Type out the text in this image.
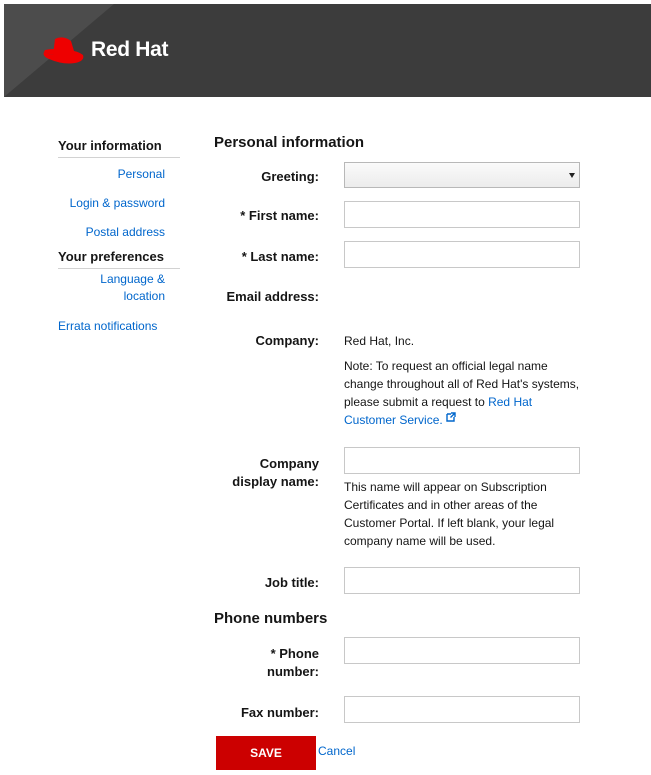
Red Hat
Your information
Personal
Login & password
Postal address
Your preferences
Language &
location
Errata notifications
Personal information
Greeting:
* First name:
* Last name:
Email address:
Company: Red Hat, Inc.
Note: To request an official legal name change throughout all of Red Hat's systems, please submit a request to Red Hat Customer Service.
Company
display name: This name will appear on Subscription Certificates and in other areas of the Customer Portal. If left blank, your legal company name will be used.
Job title:
Phone numbers
* Phone
number:
Fax number:
SAVE	Cancel
